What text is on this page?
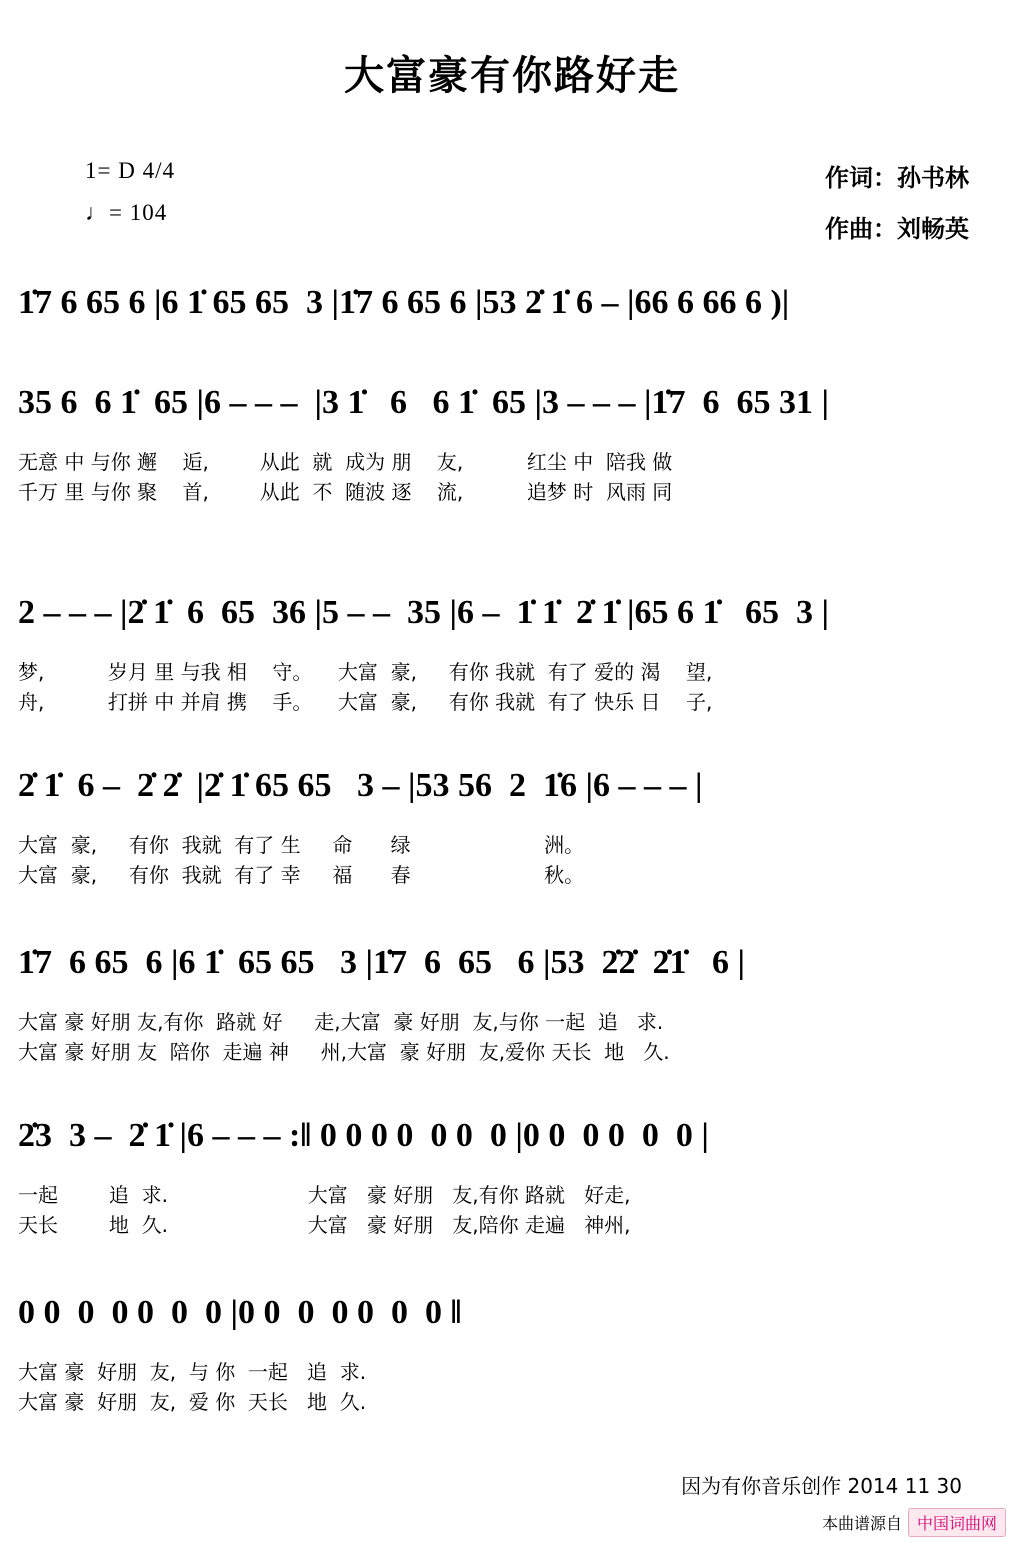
大富豪有你路好走
1= D 4/4
♩= 104
作词：孙书林
作曲：刘畅英
1̇7 6 65 6 |6 1̇ 65 65  3 |1̇7 6 65 6 |53 2̇ 1̇ 6 – |66 6 66 6 )|
35 6  6 1̇  65 |6 – – –  |3 1̇   6   6 1̇  65 |3 – – – |1̇7  6  65 31 |
无意 中 与你 邂    逅,        从此  就  成为 朋    友,          红尘 中  陪我 做
千万 里 与你 聚    首,        从此  不  随波 逐    流,          追梦 时  风雨 同
2 – – – |2̇ 1̇  6  65  36 |5 – –  35 |6 –  1̇ 1̇  2̇ 1̇ |65 6 1̇   65  3 |
梦,          岁月 里 与我 相    守。    大富  豪,     有你 我就  有了 爱的 渴    望,
舟,          打拼 中 并肩 携    手。    大富  豪,     有你 我就  有了 快乐 日    子,
2̇ 1̇  6 –  2̇ 2̇  |2̇ 1̇ 65 65   3 – |53 56  2  1̇6 |6 – – – |
大富  豪,     有你  我就  有了 生     命      绿                     洲。
大富  豪,     有你  我就  有了 幸     福      春                     秋。
1̇7  6 65  6 |6 1̇  65 65   3 |1̇7  6  65   6 |53  2̇2̇  2̇1̇   6 |
大富 豪 好朋 友,有你  路就 好     走,大富  豪 好朋  友,与你 一起  追   求.
大富 豪 好朋 友  陪你  走遍 神     州,大富  豪 好朋  友,爱你 天长  地   久.
2̇3  3 –  2̇ 1̇ |6 – – – :‖ 0 0 0 0  0 0  0 |0 0  0 0  0  0 |
一起        追  求.                      大富   豪 好朋   友,有你 路就   好走,
天长        地  久.                      大富   豪 好朋   友,陪你 走遍   神州,
0 0  0  0 0  0  0 |0 0  0  0 0  0  0 ‖
大富 豪  好朋  友,  与 你  一起   追  求.
大富 豪  好朋  友,  爱 你  天长   地  久.
因为有你音乐创作 2014 11 30
本曲谱源自 中国词曲网
